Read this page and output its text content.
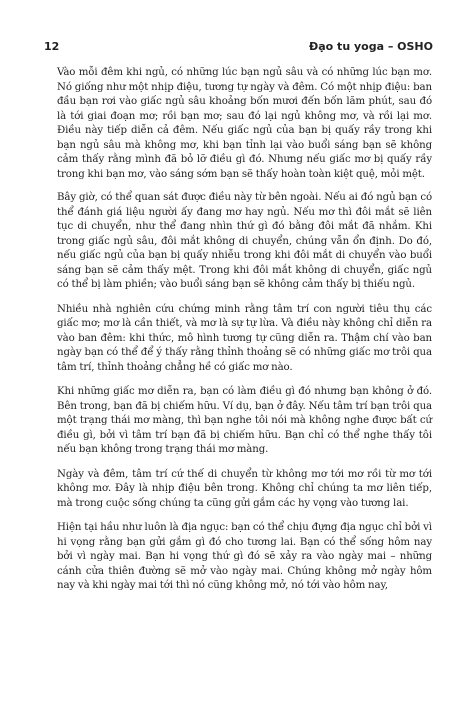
12	Đạo tu yoga – OSHO

Vào mỗi đêm khi ngủ, có những lúc bạn ngủ sâu và có những lúc bạn mơ. Nó giống như một nhịp điệu, tương tự ngày và đêm. Có một nhịp điệu: ban đầu bạn rơi vào giấc ngủ sâu khoảng bốn mươi đến bốn lăm phút, sau đó là tới giai đoạn mơ; rồi bạn mơ; sau đó lại ngủ không mơ, và rồi lại mơ. Điều này tiếp diễn cả đêm. Nếu giấc ngủ của bạn bị quấy rầy trong khi bạn ngủ sâu mà không mơ, khi bạn tỉnh lại vào buổi sáng bạn sẽ không cảm thấy rằng mình đã bỏ lỡ điều gì đó. Nhưng nếu giấc mơ bị quấy rầy trong khi bạn mơ, vào sáng sớm bạn sẽ thấy hoàn toàn kiệt quệ, mỏi mệt.

Bây giờ, có thể quan sát được điều này từ bên ngoài. Nếu ai đó ngủ bạn có thể đánh giá liệu người ấy đang mơ hay ngủ. Nếu mơ thì đôi mắt sẽ liên tục di chuyển, như thể đang nhìn thứ gì đó bằng đôi mắt đã nhắm. Khi trong giấc ngủ sâu, đôi mắt không di chuyển, chúng vẫn ổn định. Do đó, nếu giấc ngủ của bạn bị quấy nhiễu trong khi đôi mắt di chuyển vào buổi sáng bạn sẽ cảm thấy mệt. Trong khi đôi mắt không di chuyển, giấc ngủ có thể bị làm phiền; vào buổi sáng bạn sẽ không cảm thấy bị thiếu ngủ.

Nhiều nhà nghiên cứu chứng minh rằng tâm trí con người tiêu thụ các giấc mơ; mơ là cần thiết, và mơ là sự tự lừa. Và điều này không chỉ diễn ra vào ban đêm: khi thức, mô hình tương tự cũng diễn ra. Thậm chí vào ban ngày bạn có thể để ý thấy rằng thỉnh thoảng sẽ có những giấc mơ trôi qua tâm trí, thỉnh thoảng chẳng hề có giấc mơ nào.

Khi những giấc mơ diễn ra, bạn có làm điều gì đó nhưng bạn không ở đó. Bên trong, bạn đã bị chiếm hữu. Ví dụ, bạn ở đây. Nếu tâm trí bạn trôi qua một trạng thái mơ màng, thì bạn nghe tôi nói mà không nghe được bất cứ điều gì, bởi vì tâm trí bạn đã bị chiếm hữu. Bạn chỉ có thể nghe thấy tôi nếu bạn không trong trạng thái mơ màng.

Ngày và đêm, tâm trí cứ thế di chuyển từ không mơ tới mơ rồi từ mơ tới không mơ. Đây là nhịp điệu bên trong. Không chỉ chúng ta mơ liên tiếp, mà trong cuộc sống chúng ta cũng gửi gắm các hy vọng vào tương lai.

Hiện tại hầu như luôn là địa ngục: bạn có thể chịu đựng địa ngục chỉ bởi vì hi vọng rằng bạn gửi gắm gì đó cho tương lai. Bạn có thể sống hôm nay bởi vì ngày mai. Bạn hi vọng thứ gì đó sẽ xảy ra vào ngày mai – những cánh cửa thiên đường sẽ mở vào ngày mai. Chúng không mở ngày hôm nay và khi ngày mai tới thì nó cũng không mở, nó tới vào hôm nay,
